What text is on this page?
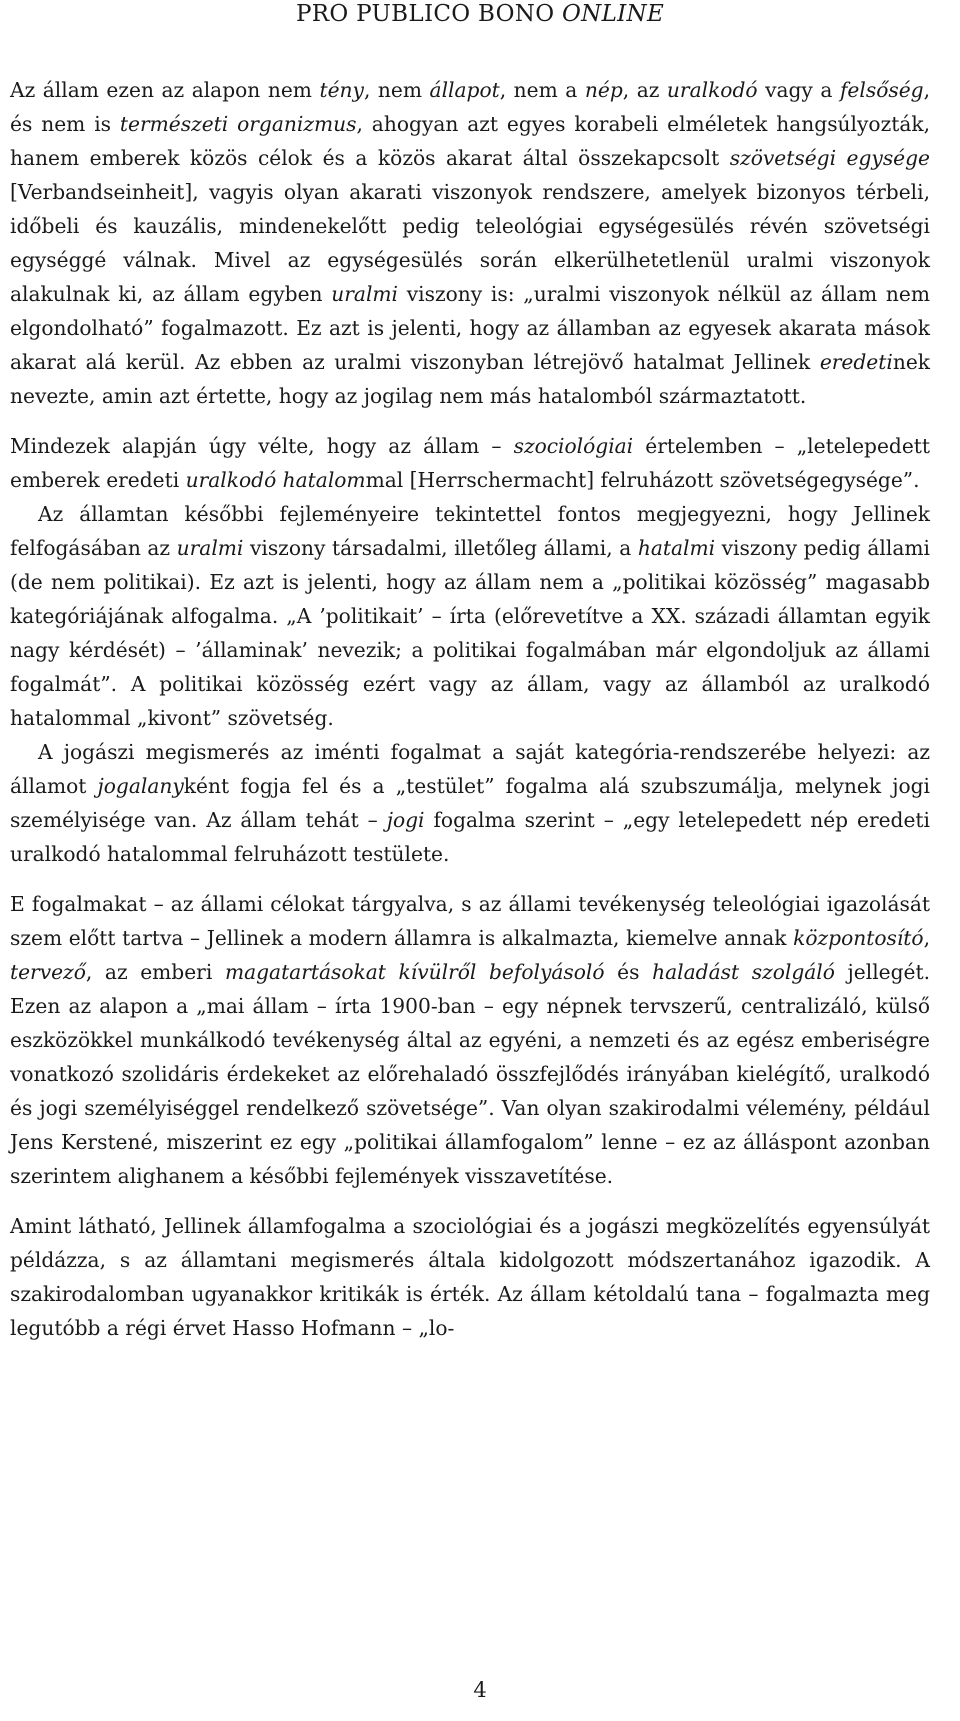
PRO PUBLICO BONO ONLINE

Az állam ezen az alapon nem tény, nem állapot, nem a nép, az uralkodó vagy a felsőség, és nem is természeti organizmus, ahogyan azt egyes korabeli elméletek hangsúlyozták, hanem emberek közös célok és a közös akarat által összekapcsolt szövetségi egysége [Verbandseinheit], vagyis olyan akarati viszonyok rendszere, amelyek bizonyos térbeli, időbeli és kauzális, mindenekelőtt pedig teleológiai egységesülés révén szövetségi egységgé válnak. Mivel az egységesülés során elkerülhetetlenül uralmi viszonyok alakulnak ki, az állam egyben uralmi viszony is: „uralmi viszonyok nélkül az állam nem elgondolható” fogalmazott. Ez azt is jelenti, hogy az államban az egyesek akarata mások akarat alá kerül. Az ebben az uralmi viszonyban létrejövő hatalmat Jellinek eredetinek nevezte, amin azt értette, hogy az jogilag nem más hatalomból származtatott.

Mindezek alapján úgy vélte, hogy az állam – szociológiai értelemben – „letelepedett emberek eredeti uralkodó hatalommal [Herrschermacht] felruházott szövetségegysége”.

Az államtan későbbi fejleményeire tekintettel fontos megjegyezni, hogy Jellinek felfogásában az uralmi viszony társadalmi, illetőleg állami, a hatalmi viszony pedig állami (de nem politikai). Ez azt is jelenti, hogy az állam nem a „politikai közösség” magasabb kategóriájának alfogalma. „A ’politikait’ – írta (előrevetítve a XX. századi államtan egyik nagy kérdését) – ’államinak’ nevezik; a politikai fogalmában már elgondoljuk az állami fogalmát”. A politikai közösség ezért vagy az állam, vagy az államból az uralkodó hatalommal „kivont” szövetség.

A jogászi megismerés az iménti fogalmat a saját kategória-rendszerébe helyezi: az államot jogalanyként fogja fel és a „testület” fogalma alá szubszumálja, melynek jogi személyisége van. Az állam tehát – jogi fogalma szerint – „egy letelepedett nép eredeti uralkodó hatalommal felruházott testülete.

E fogalmakat – az állami célokat tárgyalva, s az állami tevékenység teleológiai igazolását szem előtt tartva – Jellinek a modern államra is alkalmazta, kiemelve annak központosító, tervező, az emberi magatartásokat kívülről befolyásoló és haladást szolgáló jellegét. Ezen az alapon a „mai állam – írta 1900-ban – egy népnek tervszerű, centralizáló, külső eszközökkel munkálkodó tevékenység által az egyéni, a nemzeti és az egész emberiségre vonatkozó szolidáris érdekeket az előrehaladó összfejlődés irányában kielégítő, uralkodó és jogi személyiséggel rendelkező szövetsége”. Van olyan szakirodalmi vélemény, például Jens Kerstené, miszerint ez egy „politikai államfogalom” lenne – ez az álláspont azonban szerintem alighanem a későbbi fejlemények visszavetítése.

Amint látható, Jellinek államfogalma a szociológiai és a jogászi megközelítés egyensúlyát példázza, s az államtani megismerés általa kidolgozott módszertanához igazodik. A szakirodalomban ugyanakkor kritikák is érték. Az állam kétoldalú tana – fogalmazta meg legutóbb a régi érvet Hasso Hofmann – „lo-

4
